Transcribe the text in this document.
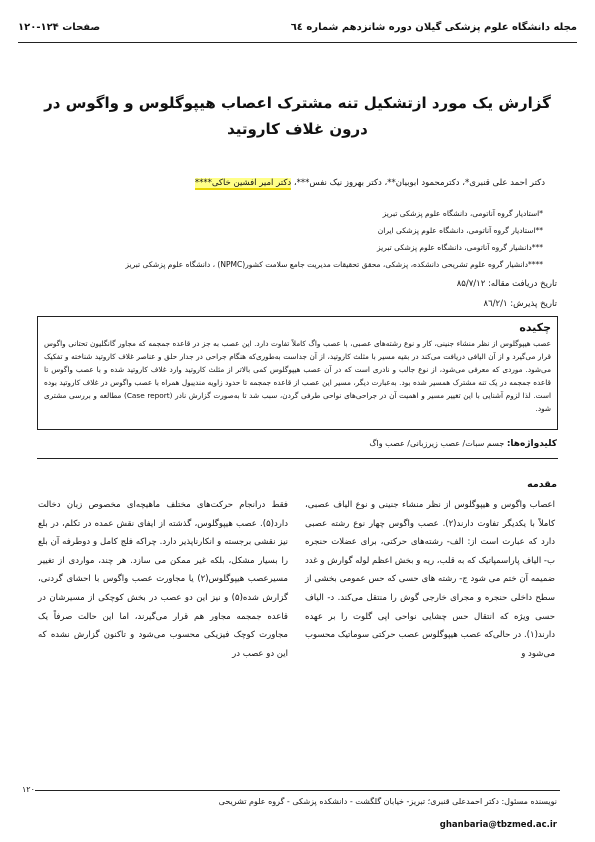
مجله دانشگاه علوم پزشکی گیلان دوره شانزدهم شماره ٦٤
صفحات ۱۲۴-۱۲۰
گزارش یک مورد ازتشکیل تنه مشترک اعصاب هیپوگلوس و واگوس در درون غلاف کاروتید
دکتر احمد علی قنبری*، دکترمحمود ابوبیان**، دکتر بهروز نیک نفس***، دکتر امیر افشین خاکی****
*استادیار گروه آناتومی، دانشگاه علوم پزشکی تبریز
**استادیار گروه آناتومی، دانشگاه علوم پزشکی ایران
***دانشیار گروه آناتومی، دانشگاه علوم پزشکی تبریز
****دانشیار گروه علوم تشریحی دانشکده، پزشکی، محقق تحقیقات مدیریت جامع سلامت کشور(NPMC) ، دانشگاه علوم پزشکی تبریز
تاریخ دریافت مقاله: ۸۵/۷/۱۲
تاریخ پذیرش: ۸٦/۲/۱
چکیده
عصب هیپوگلوس از نظر منشاء جنینی، کار و نوع رشته‌های عصبی، با عصب واگ کاملاً تفاوت دارد. این عصب به جز در قاعده جمجمه که مجاور گانگلیون تحتانی واگوس قرار می‌گیرد و از آن الیافی دریافت می‌کند در بقیه مسیر با مثلث کاروتید، از آن جداست به‌طوری‌که هنگام جراحی در جدار حلق و عناصر غلاف کاروتید شناخته و تفکیک می‌شود. موردی که معرفی می‌شود، از نوع جالب و نادری است که در آن عصب هیپوگلوس کمی بالاتر از مثلث کاروتید وارد غلاف کاروتید شده و با عصب واگوس تا قاعده جمجمه در یک تنه مشترک همسیر شده بود. به‌عبارت دیگر، مسیر این عصب از قاعده جمجمه تا حدود زاویه مندیبول همراه با عصب واگوس در غلاف کاروتید بوده است. لذا لزوم آشنایی با این تغییر مسیر و اهمیت آن در جراحی‌های نواحی طرفی گردن، سبب شد تا به‌صورت گزارش نادر (Case report) مطالعه و بررسی مشتری شود.
کلیدواژه‌ها: جسم سبات/ عصب زیرزبانی/ عصب واگ
مقدمه
اعصاب واگوس و هیپوگلوس از نظر منشاء جنینی و نوع الیاف عصبی، کاملاً با یکدیگر تفاوت دارند(۲). عصب واگوس چهار نوع رشته عصبی دارد که عبارت است از: الف- رشته‌های حرکتی، برای عضلات حنجره ب- الیاف پاراسمپاتیک که به قلب، ریه و بخش اعظم لوله گوارش و غدد ضمیمه آن ختم می شود ج- رشته های حسی که حس عمومی بخشی از سطح داخلی حنجره و مجرای خارجی گوش را منتقل می‌کند. د- الیاف حسی ویژه که انتقال حس چشایی نواحی اپی گلوت را بر عهده دارند(۱). در حالی‌که عصب هیپوگلوس عصب حرکتی سوماتیک محسوب می‌شود و
فقط درانجام حرکت‌های مختلف ماهیچه‌ای مخصوص زبان دخالت دارد(۵). عصب هیپوگلوس، گذشته از ایفای نقش عمده در تکلم، در بلع نیز نقشی برجسته و انکارناپذیر دارد. چراکه فلج کامل و دوطرفه آن بلع را بسیار مشکل، بلکه غیر ممکن می سازد. هر چند، مواردی از تغییر مسیرعصب هیپوگلوس(۲) یا مجاورت عصب واگوس با احشای گردنی، گزارش شده(۵) و نیز این دو عصب در بخش کوچکی از مسیرشان در قاعده جمجمه مجاور هم قرار می‌گیرند، اما این حالت صرفاً یک مجاورت کوچک فیزیکی محسوب می‌شود و تاکنون گزارش نشده که این دو عصب در
۱۲۰
نویسنده مسئول: دکتر احمدعلی قنبری؛ تبریز- خیابان گلگشت - دانشکده پزشکی - گروه علوم تشریحی
ghanbaria@tbzmed.ac.ir
